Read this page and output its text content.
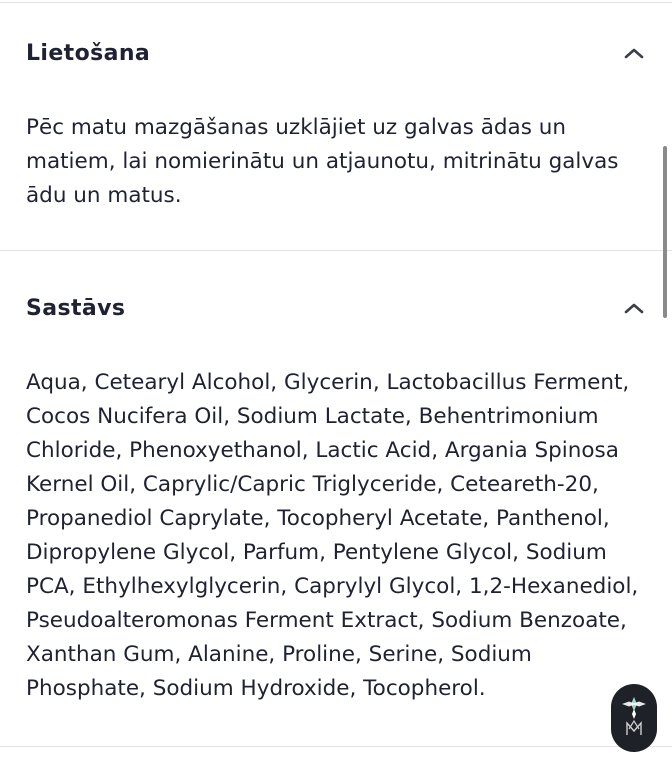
Lietošana

Pēc matu mazgāšanas uzklājiet uz galvas ādas un matiem, lai nomierinātu un atjaunotu, mitrinātu galvas ādu un matus.

Sastāvs

Aqua, Cetearyl Alcohol, Glycerin, Lactobacillus Ferment, Cocos Nucifera Oil, Sodium Lactate, Behentrimonium Chloride, Phenoxyethanol, Lactic Acid, Argania Spinosa Kernel Oil, Caprylic/Capric Triglyceride, Ceteareth-20, Propanediol Caprylate, Tocopheryl Acetate, Panthenol, Dipropylene Glycol, Parfum, Pentylene Glycol, Sodium PCA, Ethylhexylglycerin, Caprylyl Glycol, 1,2-Hexanediol, Pseudoalteromonas Ferment Extract, Sodium Benzoate, Xanthan Gum, Alanine, Proline, Serine, Sodium Phosphate, Sodium Hydroxide, Tocopherol.
